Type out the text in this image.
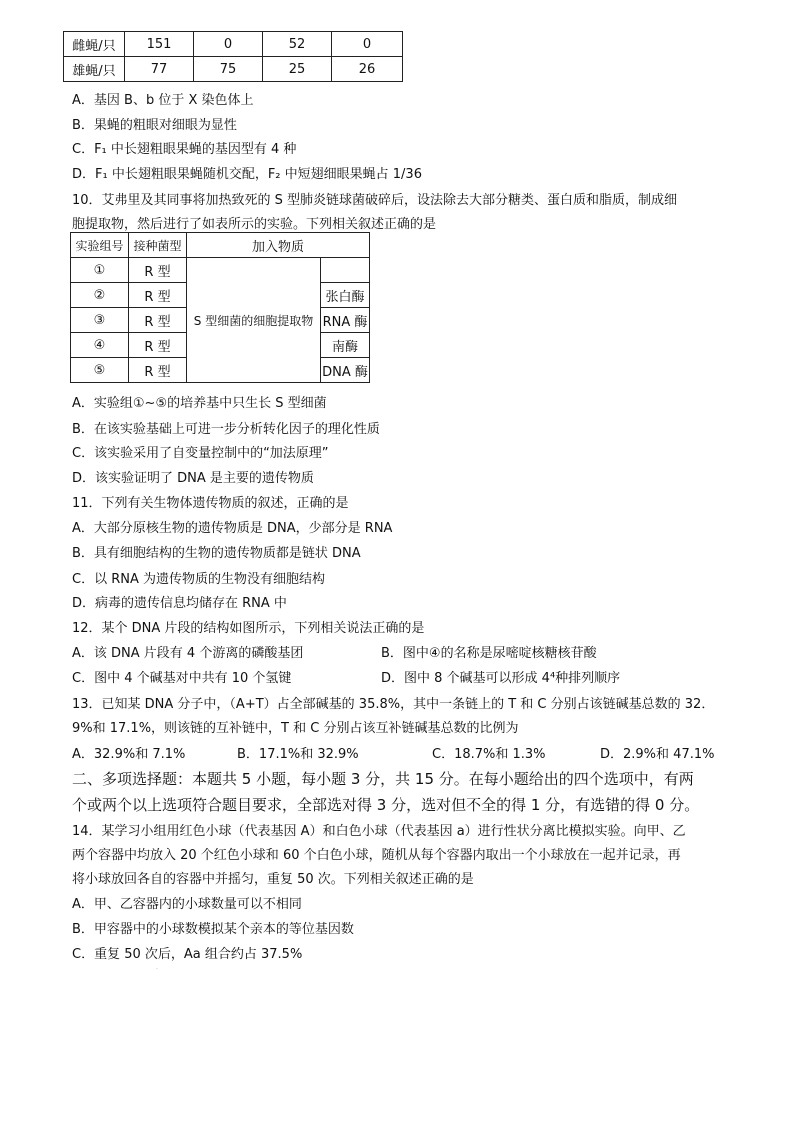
雌蝇/只	151	0	52	0
雄蝇/只	77	75	25	26
A．基因 B、b 位于 X 染色体上
B．果蝇的粗眼对细眼为显性
C．F₁ 中长翅粗眼果蝇的基因型有 4 种
D．F₁ 中长翅粗眼果蝇随机交配，F₂ 中短翅细眼果蝇占 1/36
10．艾弗里及其同事将加热致死的 S 型肺炎链球菌破碎后，设法除去大部分糖类、蛋白质和脂质，制成细
胞提取物，然后进行了如表所示的实验。下列相关叙述正确的是
实验组号	接种菌型	加入物质	
①	R 型	S 型细菌的细胞提取物	
②	R 型		张白酶
③	R 型		RNA 酶
④	R 型		南酶
⑤	R 型		DNA 酶
A．实验组①~⑤的培养基中只生长 S 型细菌
B．在该实验基础上可进一步分析转化因子的理化性质
C．该实验采用了自变量控制中的“加法原理”
D．该实验证明了 DNA 是主要的遗传物质
11．下列有关生物体遗传物质的叙述，正确的是
A．大部分原核生物的遗传物质是 DNA，少部分是 RNA
B．具有细胞结构的生物的遗传物质都是链状 DNA
C．以 RNA 为遗传物质的生物没有细胞结构
D．病毒的遗传信息均储存在 RNA 中
12．某个 DNA 片段的结构如图所示，下列相关说法正确的是
A．该 DNA 片段有 4 个游离的磷酸基团	B．图中④的名称是尿嘧啶核糖核苷酸
C．图中 4 个碱基对中共有 10 个氢键	D．图中 8 个碱基可以形成 4⁴种排列顺序
13．已知某 DNA 分子中，（A+T）占全部碱基的 35.8%，其中一条链上的 T 和 C 分别占该链碱基总数的 32．
9%和 17.1%，则该链的互补链中，T 和 C 分别占该互补链碱基总数的比例为
A．32.9%和 7.1%	B．17.1%和 32.9%	C．18.7%和 1.3%	D．2.9%和 47.1%
二、多项选择题：本题共 5 小题，每小题 3 分，共 15 分。在每小题给出的四个选项中，有两
个或两个以上选项符合题目要求，全部选对得 3 分，选对但不全的得 1 分，有选错的得 0 分。
14．某学习小组用红色小球（代表基因 A）和白色小球（代表基因 a）进行性状分离比模拟实验。向甲、乙
两个容器中均放入 20 个红色小球和 60 个白色小球，随机从每个容器内取出一个小球放在一起并记录，再
将小球放回各自的容器中并摇匀，重复 50 次。下列相关叙述正确的是
A．甲、乙容器内的小球数量可以不相同
B．甲容器中的小球数模拟某个亲本的等位基因数
C．重复 50 次后，Aa 组合约占 37.5%
.
